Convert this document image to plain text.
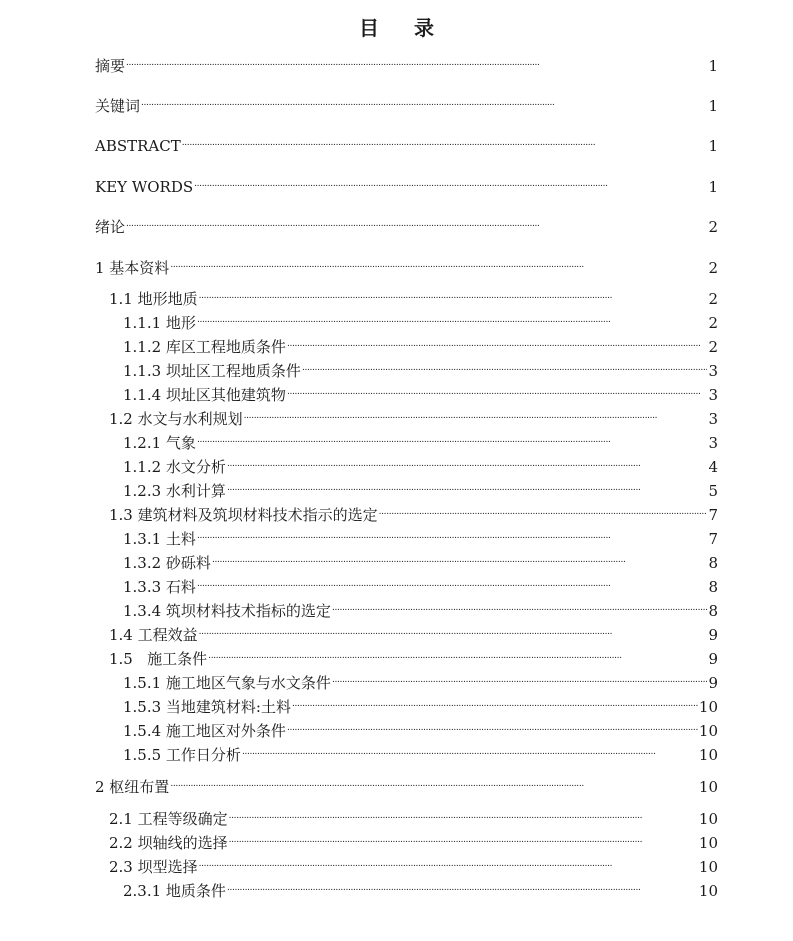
目 录
摘要 . . .	1
关键词 . . .	1
ABSTRACT . . .	1
KEY WORDS . . .	1
绪论 . . .	2
1 基本资料 . . .	2
1.1 地形地质 . . .	2
1.1.1 地形 . . .	2
1.1.2 库区工程地质条件 . . .	2
1.1.3 坝址区工程地质条件 . . .	3
1.1.4 坝址区其他建筑物 . . .	3
1.2 水文与水利规划 . . .	3
1.2.1 气象 . . .	3
1.1.2 水文分析 . . .	4
1.2.3 水利计算 . . .	5
1.3 建筑材料及筑坝材料技术指示的选定 . . .	7
1.3.1 土料 . . .	7
1.3.2 砂砾料 . . .	8
1.3.3 石料 . . .	8
1.3.4 筑坝材料技术指标的选定 . . .	8
1.4 工程效益 . . .	9
1.5   施工条件 . . .	9
1.5.1 施工地区气象与水文条件 . . .	9
1.5.3 当地建筑材料:土料 . . .	10
1.5.4 施工地区对外条件 . . .	10
1.5.5 工作日分析 . . .	10
2 枢纽布置 . . .	10
2.1 工程等级确定 . . .	10
2.2 坝轴线的选择 . . .	10
2.3 坝型选择 . . .	10
2.3.1 地质条件 . . .	10
